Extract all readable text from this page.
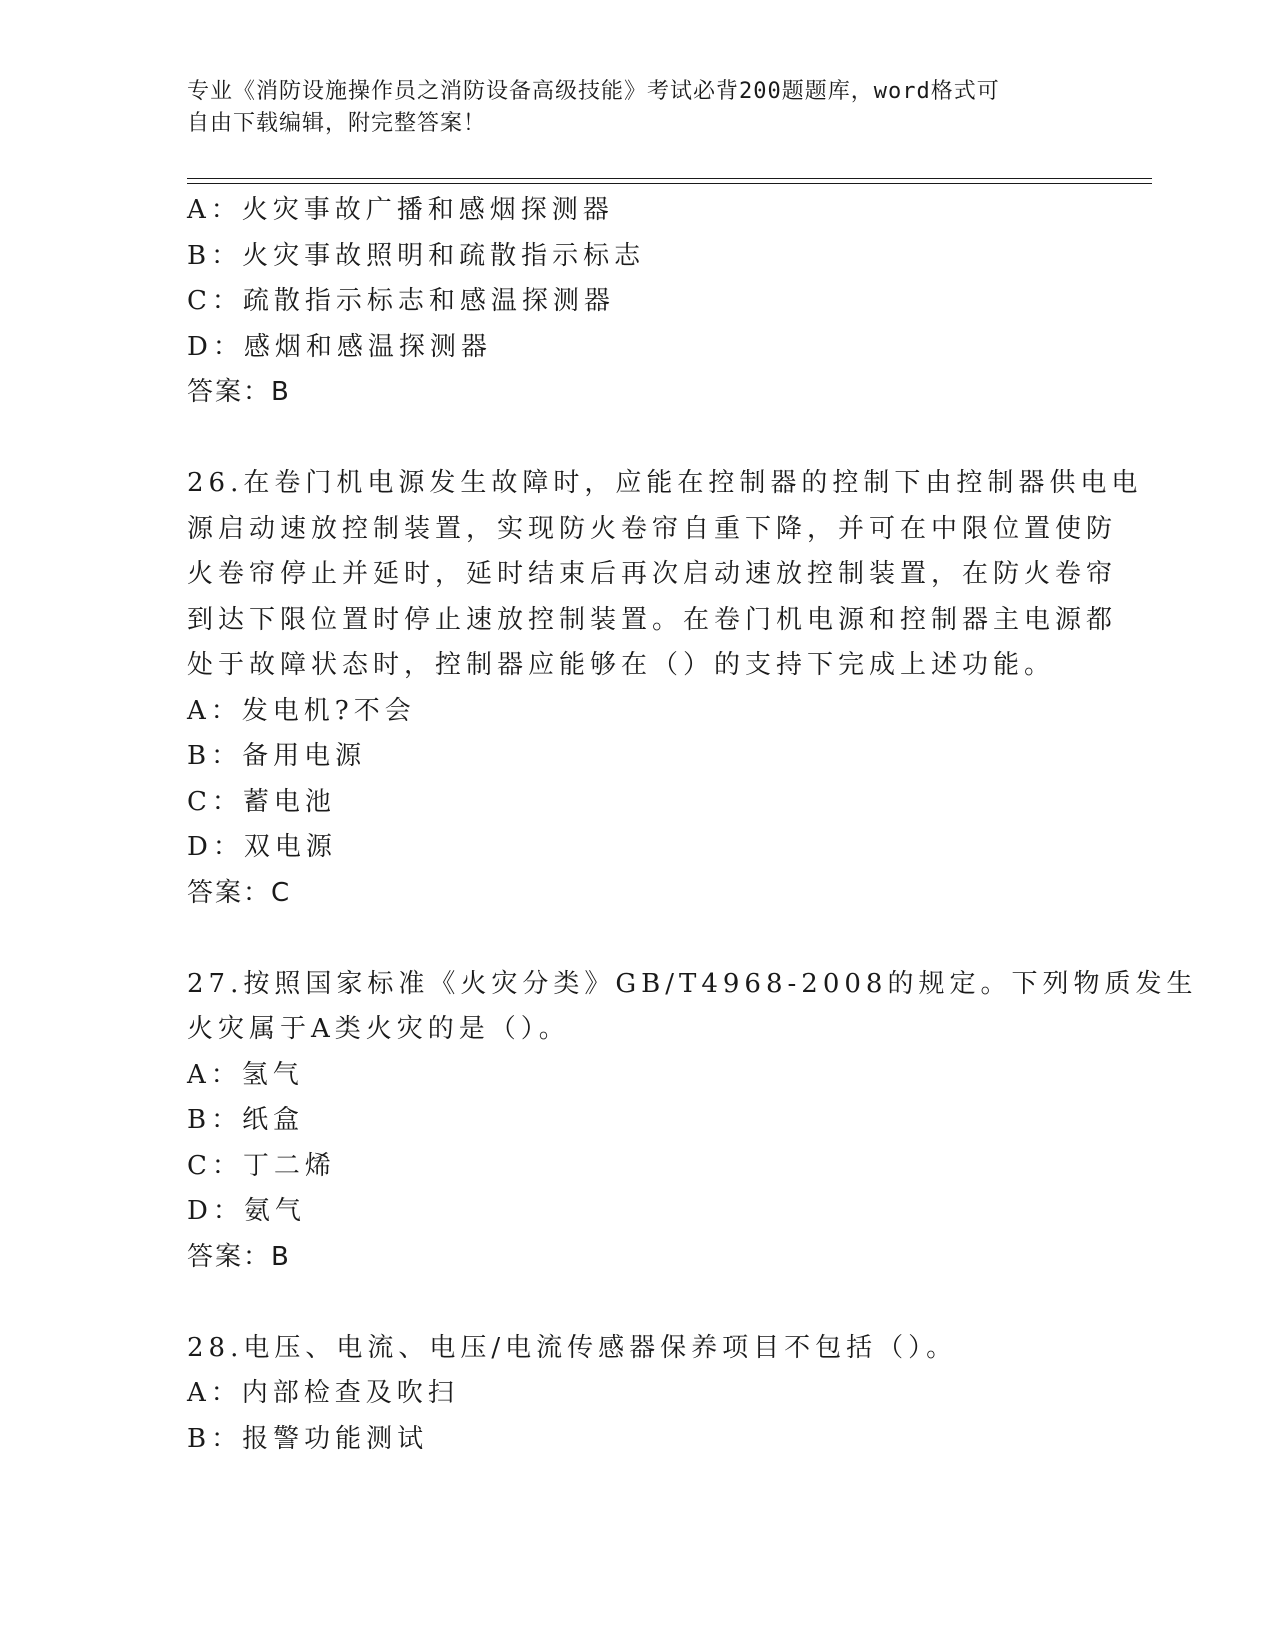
专业《消防设施操作员之消防设备高级技能》考试必背200题题库，word格式可
自由下载编辑，附完整答案！
A：火灾事故广播和感烟探测器
B：火灾事故照明和疏散指示标志
C：疏散指示标志和感温探测器
D：感烟和感温探测器
答案：B
26.在卷门机电源发生故障时，应能在控制器的控制下由控制器供电电
源启动速放控制装置，实现防火卷帘自重下降，并可在中限位置使防
火卷帘停止并延时，延时结束后再次启动速放控制装置，在防火卷帘
到达下限位置时停止速放控制装置。在卷门机电源和控制器主电源都
处于故障状态时，控制器应能够在（）的支持下完成上述功能。
A：发电机?不会
B：备用电源
C：蓄电池
D：双电源
答案：C
27.按照国家标准《火灾分类》GB/T4968-2008的规定。下列物质发生
火灾属于A类火灾的是（）。
A：氢气
B：纸盒
C：丁二烯
D：氨气
答案：B
28.电压、电流、电压/电流传感器保养项目不包括（）。
A：内部检查及吹扫
B：报警功能测试
